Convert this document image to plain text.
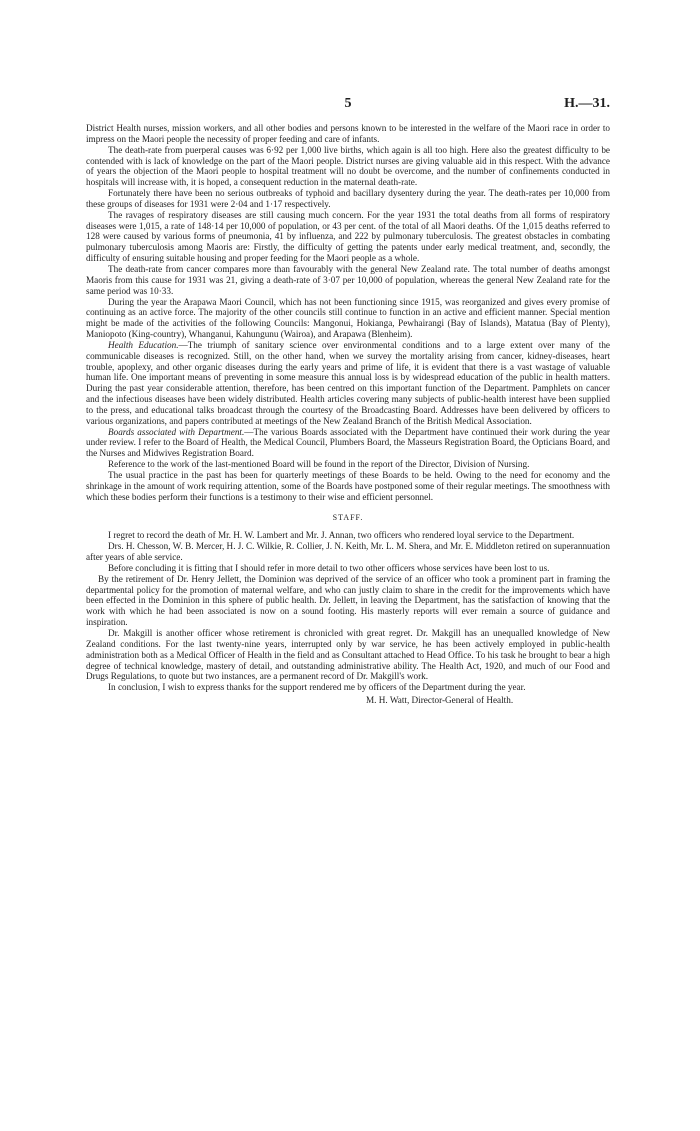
5	H.—31.

District Health nurses, mission workers, and all other bodies and persons known to be interested in the welfare of the Maori race in order to impress on the Maori people the necessity of proper feeding and care of infants.

The death-rate from puerperal causes was 6·92 per 1,000 live births, which again is all too high. Here also the greatest difficulty to be contended with is lack of knowledge on the part of the Maori people. District nurses are giving valuable aid in this respect. With the advance of years the objection of the Maori people to hospital treatment will no doubt be overcome, and the number of confinements conducted in hospitals will increase with, it is hoped, a consequent reduction in the maternal death-rate.

Fortunately there have been no serious outbreaks of typhoid and bacillary dysentery during the year. The death-rates per 10,000 from these groups of diseases for 1931 were 2·04 and 1·17 respectively.

The ravages of respiratory diseases are still causing much concern. For the year 1931 the total deaths from all forms of respiratory diseases were 1,015, a rate of 148·14 per 10,000 of population, or 43 per cent. of the total of all Maori deaths. Of the 1,015 deaths referred to 128 were caused by various forms of pneumonia, 41 by influenza, and 222 by pulmonary tuberculosis. The greatest obstacles in combating pulmonary tuberculosis among Maoris are: Firstly, the difficulty of getting the patents under early medical treatment, and, secondly, the difficulty of ensuring suitable housing and proper feeding for the Maori people as a whole.

The death-rate from cancer compares more than favourably with the general New Zealand rate. The total number of deaths amongst Maoris from this cause for 1931 was 21, giving a death-rate of 3·07 per 10,000 of population, whereas the general New Zealand rate for the same period was 10·33.

During the year the Arapawa Maori Council, which has not been functioning since 1915, was reorganized and gives every promise of continuing as an active force. The majority of the other councils still continue to function in an active and efficient manner. Special mention might be made of the activities of the following Councils: Mangonui, Hokianga, Pewhairangi (Bay of Islands), Matatua (Bay of Plenty), Maniopoto (King-country), Whanganui, Kahungunu (Wairoa), and Arapawa (Blenheim).

Health Education.—The triumph of sanitary science over environmental conditions and to a large extent over many of the communicable diseases is recognized. Still, on the other hand, when we survey the mortality arising from cancer, kidney-diseases, heart trouble, apoplexy, and other organic diseases during the early years and prime of life, it is evident that there is a vast wastage of valuable human life. One important means of preventing in some measure this annual loss is by widespread education of the public in health matters. During the past year considerable attention, therefore, has been centred on this important function of the Department. Pamphlets on cancer and the infectious diseases have been widely distributed. Health articles covering many subjects of public-health interest have been supplied to the press, and educational talks broadcast through the courtesy of the Broadcasting Board. Addresses have been delivered by officers to various organizations, and papers contributed at meetings of the New Zealand Branch of the British Medical Association.

Boards associated with Department.—The various Boards associated with the Department have continued their work during the year under review. I refer to the Board of Health, the Medical Council, Plumbers Board, the Masseurs Registration Board, the Opticians Board, and the Nurses and Midwives Registration Board.

Reference to the work of the last-mentioned Board will be found in the report of the Director, Division of Nursing.

The usual practice in the past has been for quarterly meetings of these Boards to be held. Owing to the need for economy and the shrinkage in the amount of work requiring attention, some of the Boards have postponed some of their regular meetings. The smoothness with which these bodies perform their functions is a testimony to their wise and efficient personnel.

STAFF.

I regret to record the death of Mr. H. W. Lambert and Mr. J. Annan, two officers who rendered loyal service to the Department.

Drs. H. Chesson, W. B. Mercer, H. J. C. Wilkie, R. Collier, J. N. Keith, Mr. L. M. Shera, and Mr. E. Middleton retired on superannuation after years of able service.

Before concluding it is fitting that I should refer in more detail to two other officers whose services have been lost to us.

By the retirement of Dr. Henry Jellett, the Dominion was deprived of the service of an officer who took a prominent part in framing the departmental policy for the promotion of maternal welfare, and who can justly claim to share in the credit for the improvements which have been effected in the Dominion in this sphere of public health. Dr. Jellett, in leaving the Department, has the satisfaction of knowing that the work with which he had been associated is now on a sound footing. His masterly reports will ever remain a source of guidance and inspiration.

Dr. Makgill is another officer whose retirement is chronicled with great regret. Dr. Makgill has an unequalled knowledge of New Zealand conditions. For the last twenty-nine years, interrupted only by war service, he has been actively employed in public-health administration both as a Medical Officer of Health in the field and as Consultant attached to Head Office. To his task he brought to bear a high degree of technical knowledge, mastery of detail, and outstanding administrative ability. The Health Act, 1920, and much of our Food and Drugs Regulations, to quote but two instances, are a permanent record of Dr. Makgill's work.

In conclusion, I wish to express thanks for the support rendered me by officers of the Department during the year.

M. H. Watt, Director-General of Health.
